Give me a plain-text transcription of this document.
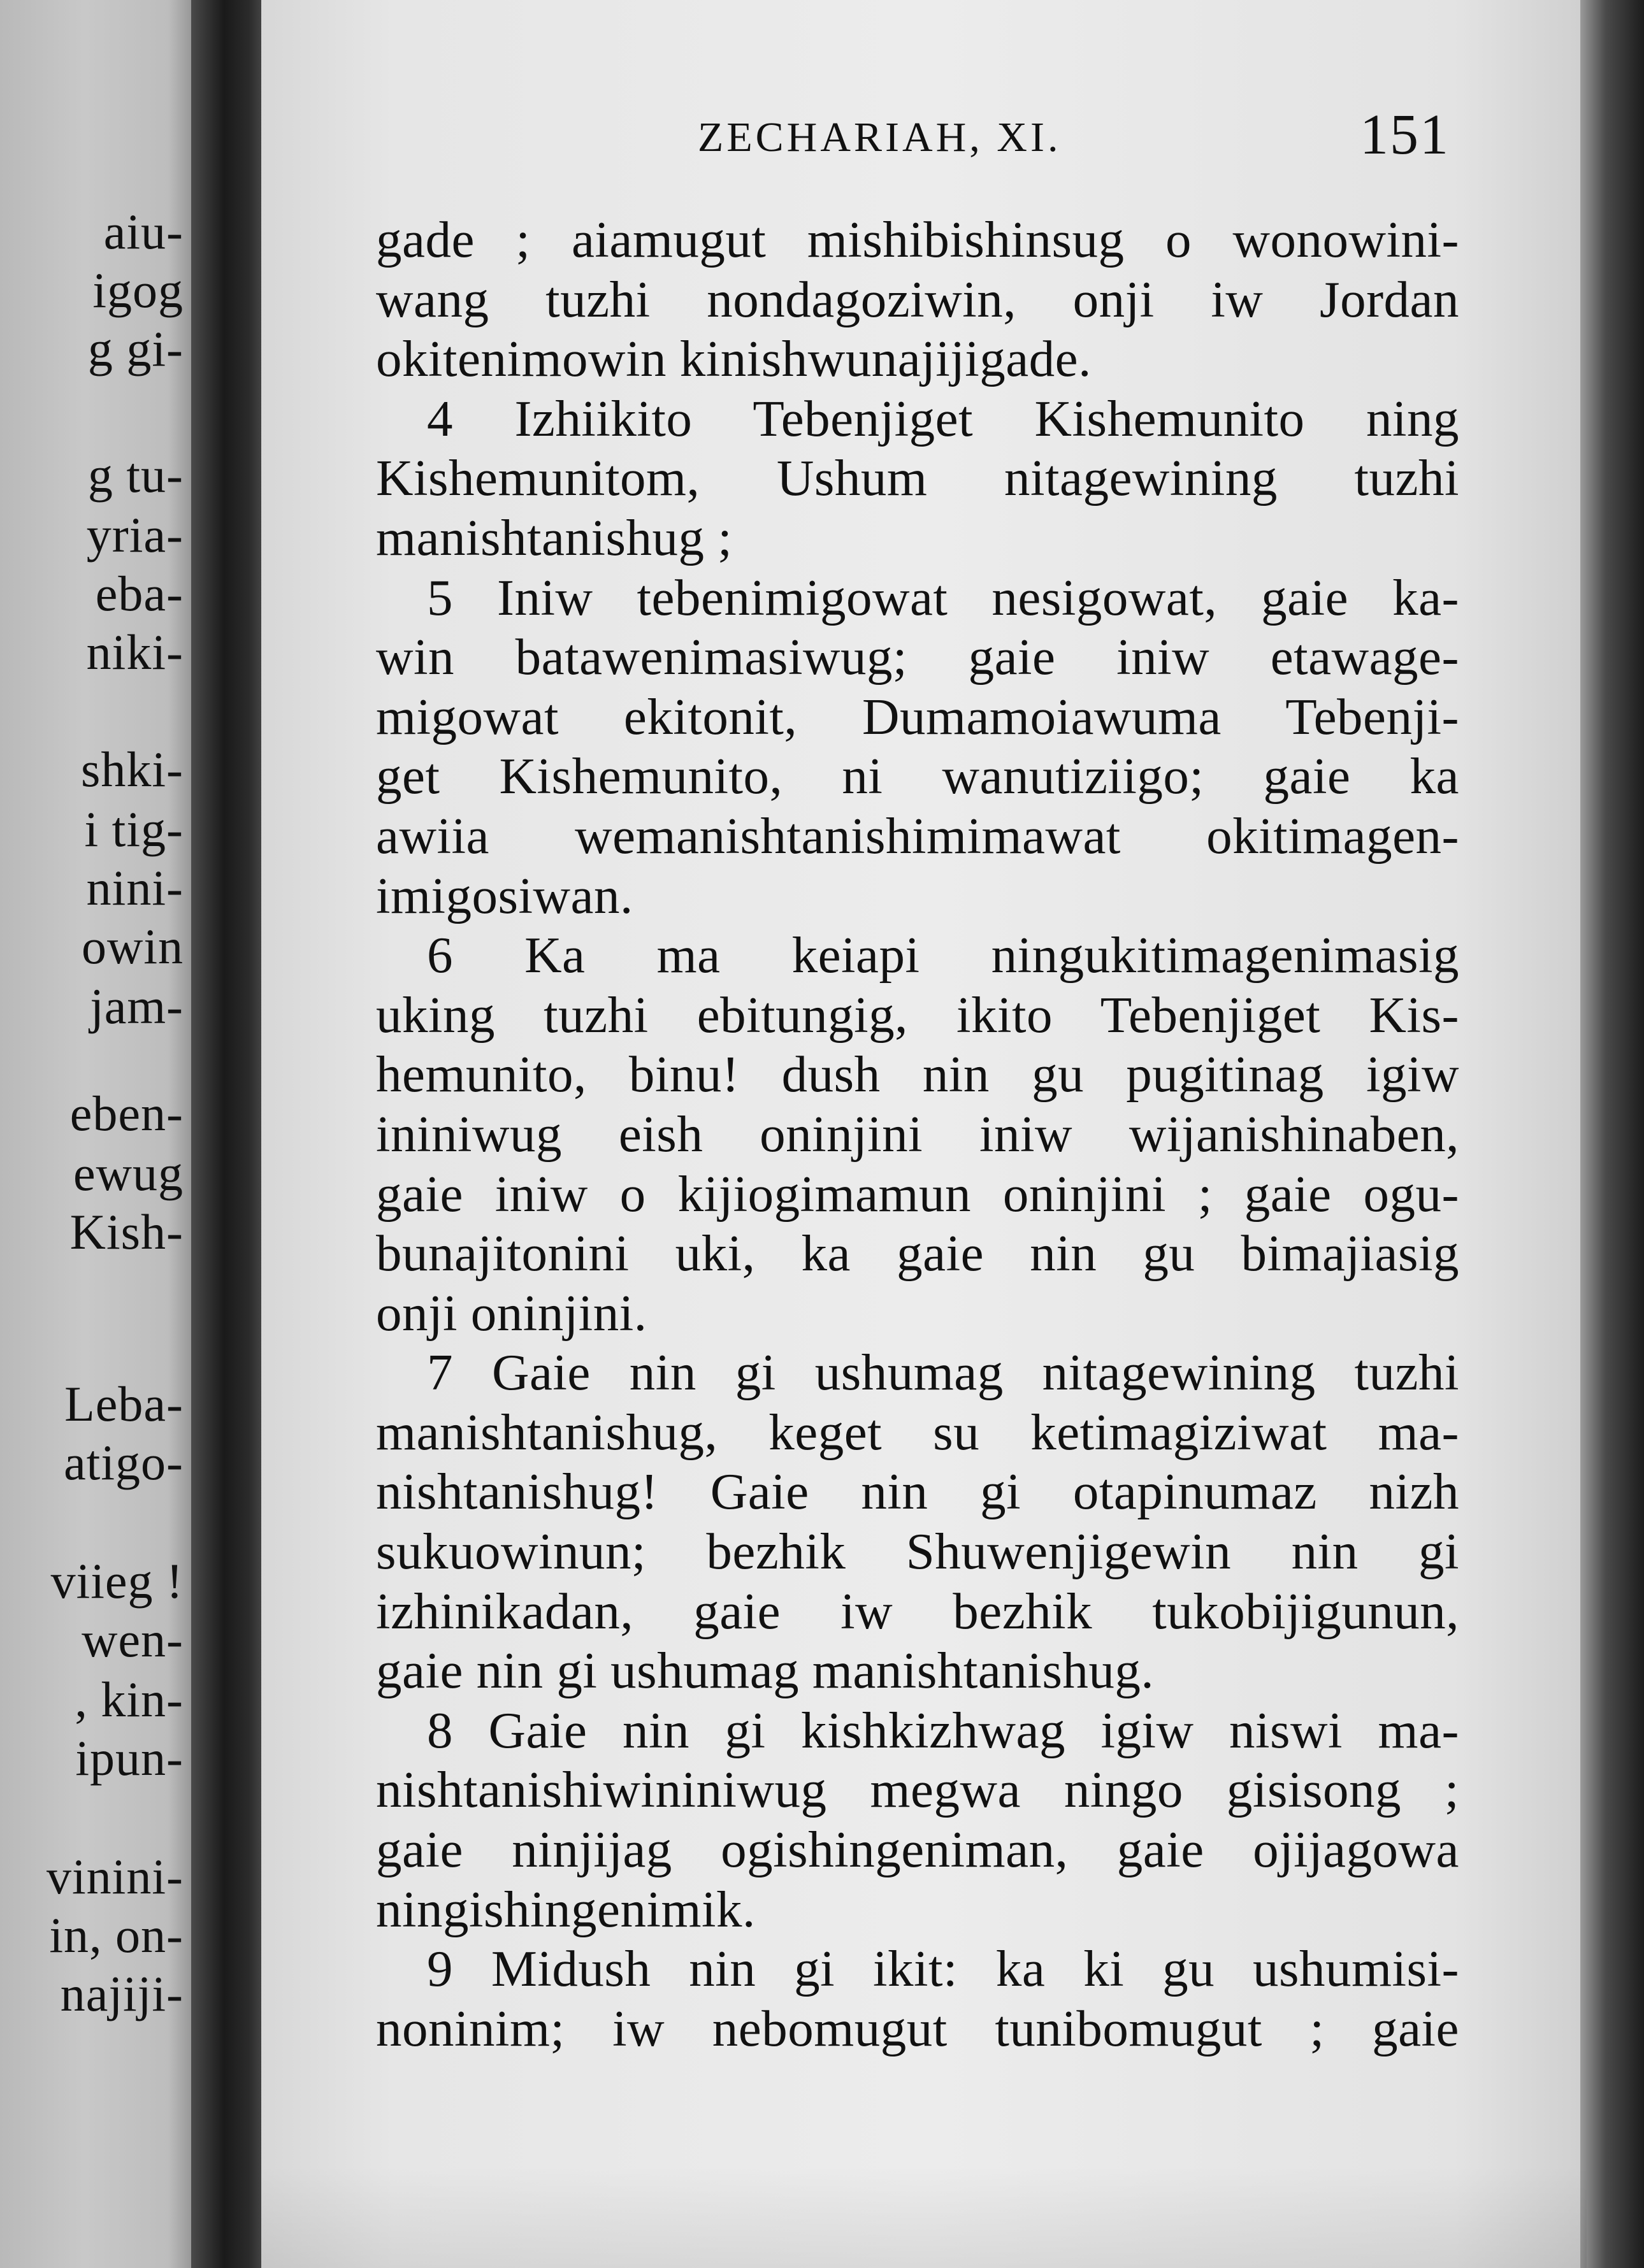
aiu-
igog
g gi-
g tu-
yria-
eba-
niki-
shki-
i tig-
nini-
owin
jam-
eben-
ewug
Kish-
Leba-
atigo-
viieg !
wen-
, kin-
ipun-
vinini-
in, on-
najiji-
ZECHARIAH, XI.	151
gade ; aiamugut mishibishinsug o wonowini-
wang tuzhi nondagoziwin, onji iw Jordan
okitenimowin kinishwunajijigade.
4 Izhiikito Tebenjiget Kishemunito ning
Kishemunitom, Ushum nitagewining tuzhi
manishtanishug ;
5 Iniw tebenimigowat nesigowat, gaie ka-
win batawenimasiwug; gaie iniw etawage-
migowat ekitonit, Dumamoiawuma Tebenji-
get Kishemunito, ni wanutiziigo; gaie ka
awiia wemanishtanishimimawat okitimagen-
imigosiwan.
6 Ka ma keiapi ningukitimagenimasig
uking tuzhi ebitungig, ikito Tebenjiget Kis-
hemunito, binu! dush nin gu pugitinag igiw
ininiwug eish oninjini iniw wijanishinaben,
gaie iniw o kijiogimamun oninjini ; gaie ogu-
bunajitonini uki, ka gaie nin gu bimajiasig
onji oninjini.
7 Gaie nin gi ushumag nitagewining tuzhi
manishtanishug, keget su ketimagiziwat ma-
nishtanishug! Gaie nin gi otapinumaz nizh
sukuowinun; bezhik Shuwenjigewin nin gi
izhinikadan, gaie iw bezhik tukobijigunun,
gaie nin gi ushumag manishtanishug.
8 Gaie nin gi kishkizhwag igiw niswi ma-
nishtanishiwininiwug megwa ningo gisisong ;
gaie ninjijag ogishingeniman, gaie ojijagowa
ningishingenimik.
9 Midush nin gi ikit: ka ki gu ushumisi-
noninim; iw nebomugut tunibomugut ; gaie
